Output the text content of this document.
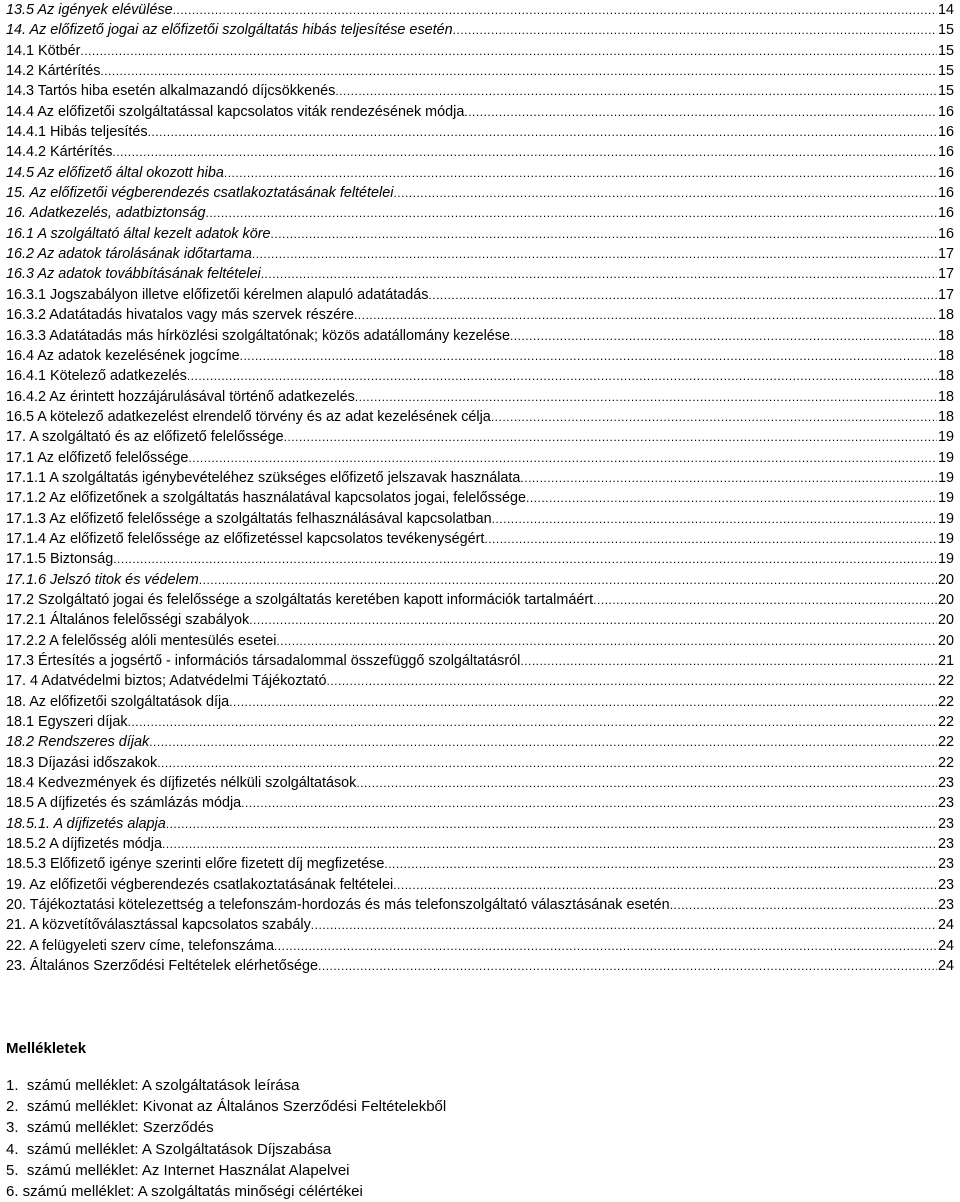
13.5 Az igények elévülése .....	14
14. Az előfizető jogai az előfizetői szolgáltatás hibás teljesítése esetén .....	15
14.1 Kötbér .....	15
14.2 Kártérítés .....	15
14.3 Tartós hiba esetén alkalmazandó díjcsökkenés .....	15
14.4 Az előfizetői szolgáltatással kapcsolatos viták rendezésének módja .....	16
14.4.1 Hibás teljesítés .....	16
14.4.2 Kártérítés .....	16
14.5 Az előfizető által okozott hiba .....	16
15. Az előfizetői végberendezés csatlakoztatásának feltételei .....	16
16. Adatkezelés, adatbiztonság .....	16
16.1 A szolgáltató által kezelt adatok köre .....	16
16.2 Az adatok tárolásának időtartama .....	17
16.3 Az adatok továbbításának feltételei .....	17
16.3.1 Jogszabályon illetve előfizetői kérelmen alapuló adatátadás .....	17
16.3.2 Adatátadás hivatalos vagy más szervek részére .....	18
16.3.3 Adatátadás más hírközlési szolgáltatónak; közös adatállomány kezelése .....	18
16.4 Az adatok kezelésének jogcíme .....	18
16.4.1 Kötelező adatkezelés .....	18
16.4.2 Az érintett hozzájárulásával történő adatkezelés .....	18
16.5 A kötelező adatkezelést elrendelő törvény és az adat kezelésének célja .....	18
17. A szolgáltató és az előfizető felelőssége .....	19
17.1 Az előfizető felelőssége .....	19
17.1.1 A szolgáltatás igénybevételéhez szükséges előfizető jelszavak használata .....	19
17.1.2 Az előfizetőnek a szolgáltatás használatával kapcsolatos jogai, felelőssége .....	19
17.1.3 Az előfizető felelőssége a szolgáltatás felhasználásával kapcsolatban .....	19
17.1.4 Az előfizető felelőssége az előfizetéssel kapcsolatos tevékenységért .....	19
17.1.5 Biztonság .....	19
17.1.6 Jelszó titok és védelem .....	20
17.2 Szolgáltató jogai és felelőssége a szolgáltatás keretében kapott információk tartalmáért .....	20
17.2.1 Általános felelősségi szabályok .....	20
17.2.2 A felelősség alóli mentesülés esetei .....	20
17.3 Értesítés a jogsértő - információs társadalommal összefüggő szolgáltatásról .....	21
17. 4 Adatvédelmi biztos; Adatvédelmi Tájékoztató .....	22
18. Az előfizetői szolgáltatások díja .....	22
18.1 Egyszeri díjak .....	22
18.2 Rendszeres díjak .....	22
18.3 Díjazási időszakok .....	22
18.4 Kedvezmények és díjfizetés nélküli szolgáltatások .....	23
18.5 A díjfizetés és számlázás módja .....	23
18.5.1. A díjfizetés alapja .....	23
18.5.2 A díjfizetés módja .....	23
18.5.3 Előfizető igénye szerinti előre fizetett díj megfizetése .....	23
19. Az előfizetői végberendezés csatlakoztatásának feltételei .....	23
20. Tájékoztatási kötelezettség a telefonszám-hordozás és más telefonszolgáltató választásának esetén .....	23
21. A közvetítőválasztással kapcsolatos szabály .....	24
22. A felügyeleti szerv címe, telefonszáma .....	24
23. Általános Szerződési Feltételek elérhetősége .....	24
Mellékletek
1.  számú melléklet: A szolgáltatások leírása
2.  számú melléklet: Kivonat az Általános Szerződési Feltételekből
3.  számú melléklet: Szerződés
4.  számú melléklet: A Szolgáltatások Díjszabása
5.  számú melléklet: Az Internet Használat Alapelvei
6. számú melléklet: A szolgáltatás minőségi célértékei
